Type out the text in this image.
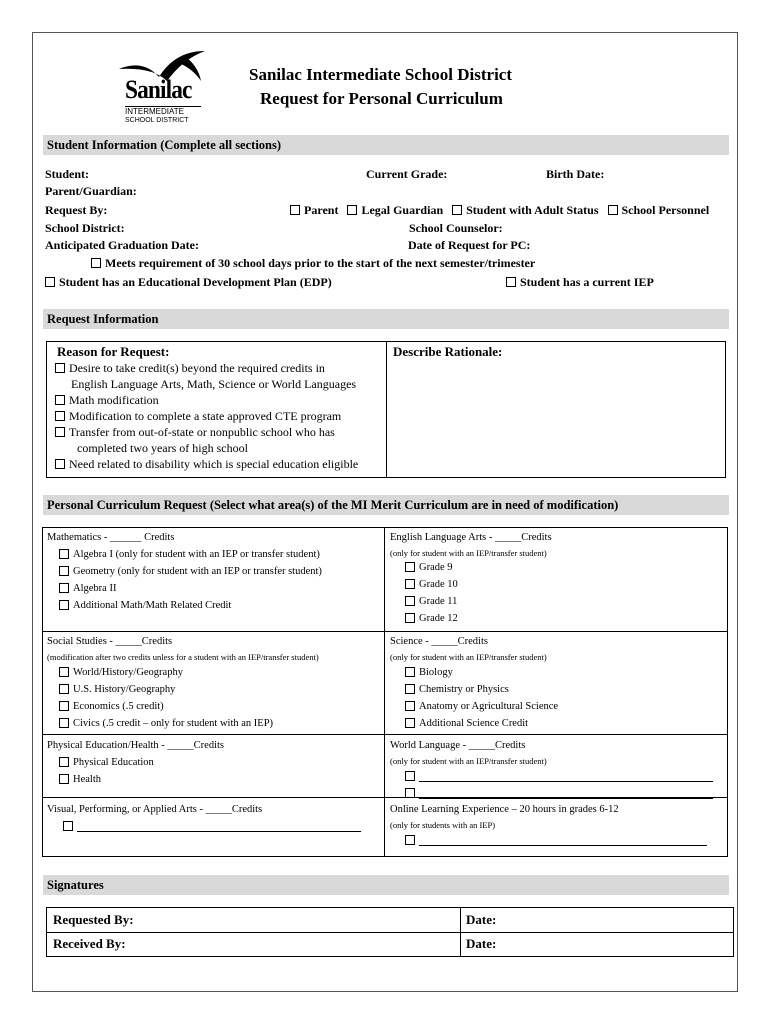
Sanilac
INTERMEDIATE
SCHOOL DISTRICT
Sanilac Intermediate School District
Request for Personal Curriculum
Student Information (Complete all sections)
Student:	Current Grade:	Birth Date:
Parent/Guardian:
Request By:	Parent Legal Guardian Student with Adult Status School Personnel
School District:	School Counselor:
Anticipated Graduation Date:	Date of Request for PC:
Meets requirement of 30 school days prior to the start of the next semester/trimester
Student has an Educational Development Plan (EDP)	Student has a current IEP
Request Information
Reason for Request:	Describe Rationale:
Desire to take credit(s) beyond the required credits in
English Language Arts, Math, Science or World Languages
Math modification
Modification to complete a state approved CTE program
Transfer from out-of-state or nonpublic school who has
completed two years of high school
Need related to disability which is special education eligible
Personal Curriculum Request (Select what area(s) of the MI Merit Curriculum are in need of modification)
Mathematics - ______ Credits
Algebra I (only for student with an IEP or transfer student)
Geometry (only for student with an IEP or transfer student)
Algebra II
Additional Math/Math Related Credit
English Language Arts - _____Credits
(only for student with an IEP/transfer student)
Grade 9
Grade 10
Grade 11
Grade 12
Social Studies - _____Credits
(modification after two credits unless for a student with an IEP/transfer student)
World/History/Geography
U.S. History/Geography
Economics (.5 credit)
Civics (.5 credit – only for student with an IEP)
Science - _____Credits
(only for student with an IEP/transfer student)
Biology
Chemistry or Physics
Anatomy or Agricultural Science
Additional Science Credit
Physical Education/Health - _____Credits
Physical Education
Health
World Language - _____Credits
(only for student with an IEP/transfer student)
Visual, Performing, or Applied Arts - _____Credits	Online Learning Experience – 20 hours in grades 6-12
(only for students with an IEP)
Signatures
Requested By:	Date:
Received By:	Date:
